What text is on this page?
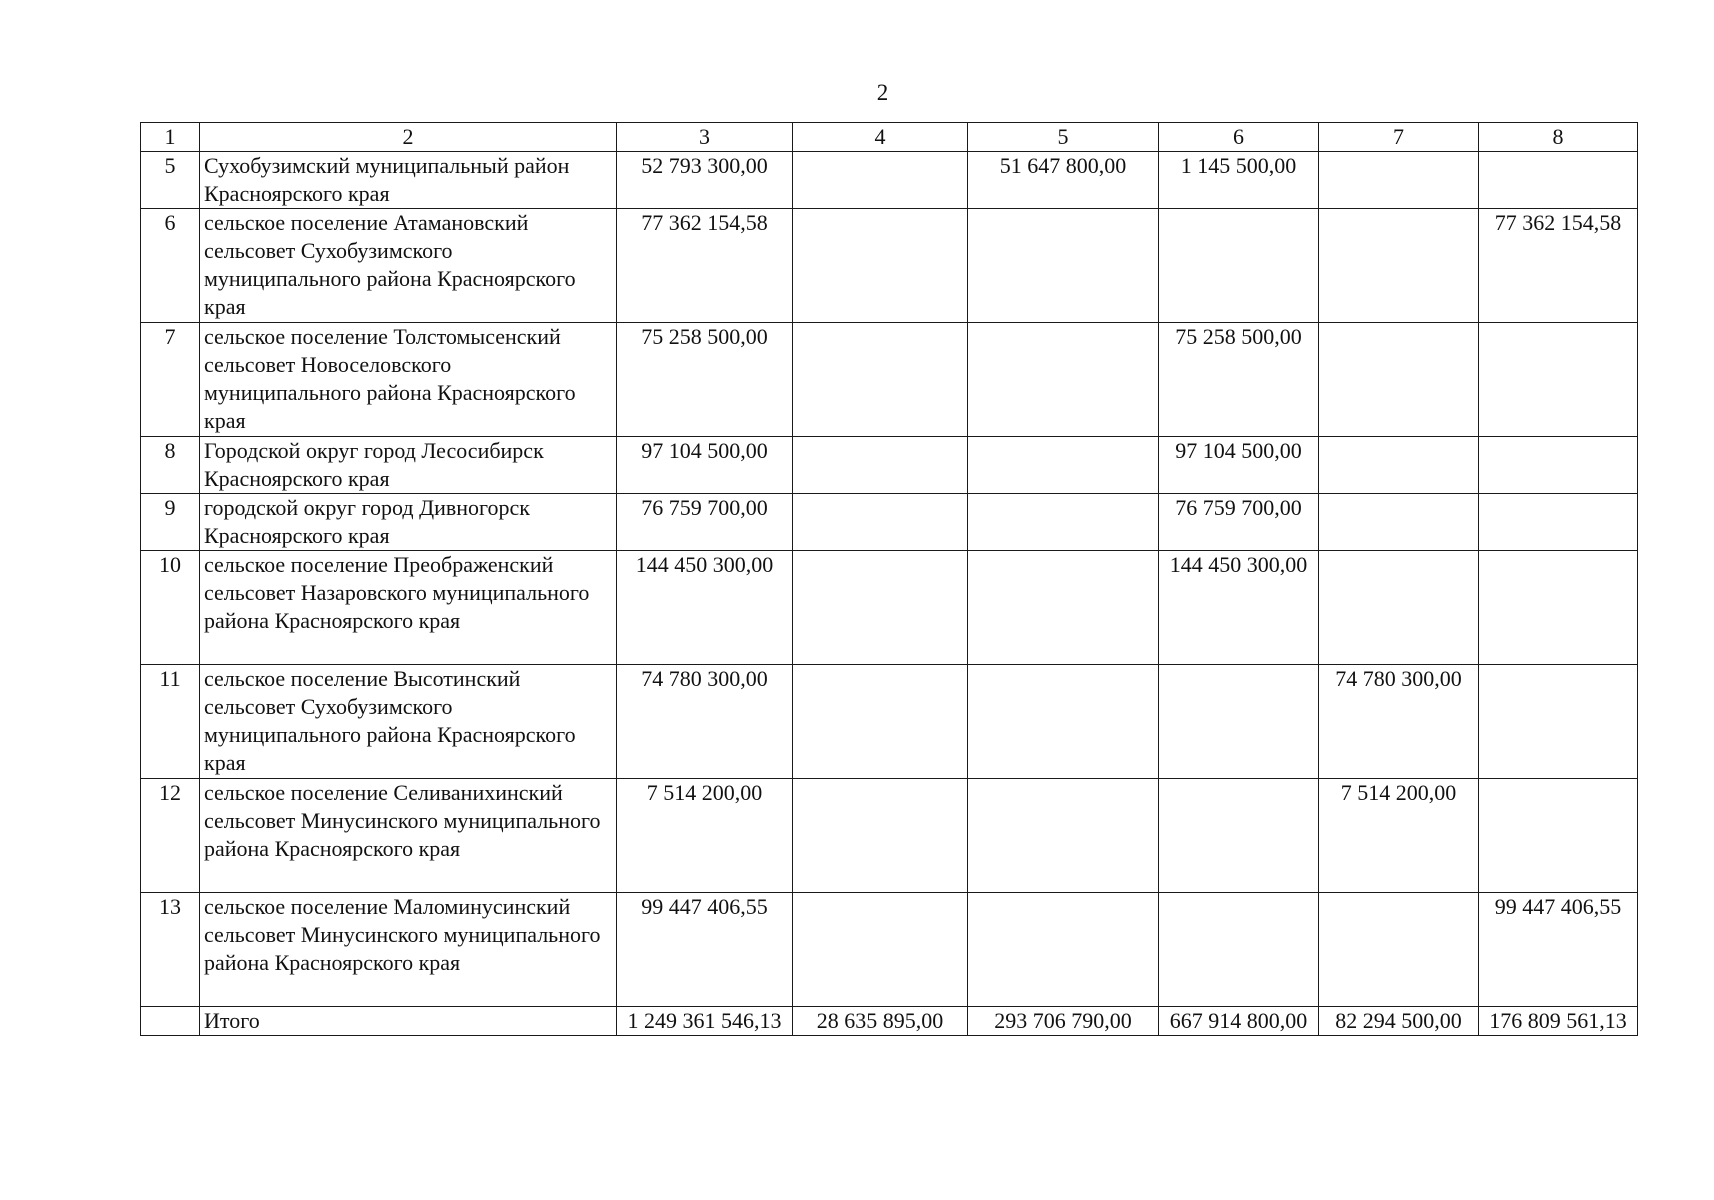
2
1	2	3	4	5	6	7	8
5	Сухобузимский муниципальный район Красноярского края	52 793 300,00		51 647 800,00	1 145 500,00		
6	сельское поселение Атамановский сельсовет Сухобузимского муниципального района Красноярского края	77 362 154,58					77 362 154,58
7	сельское поселение Толстомысенский сельсовет Новоселовского муниципального района Красноярского края	75 258 500,00			75 258 500,00		
8	Городской округ город Лесосибирск Красноярского края	97 104 500,00			97 104 500,00		
9	городской округ город Дивногорск Красноярского края	76 759 700,00			76 759 700,00		
10	сельское поселение Преображенский сельсовет Назаровского муниципального района Красноярского края	144 450 300,00			144 450 300,00		
11	сельское поселение Высотинский сельсовет Сухобузимского муниципального района Красноярского края	74 780 300,00				74 780 300,00	
12	сельское поселение Селиванихинский сельсовет Минусинского муниципального района Красноярского края	7 514 200,00				7 514 200,00	
13	сельское поселение Маломинусинский сельсовет Минусинского муниципального района Красноярского края	99 447 406,55					99 447 406,55
	Итого	1 249 361 546,13	28 635 895,00	293 706 790,00	667 914 800,00	82 294 500,00	176 809 561,13
